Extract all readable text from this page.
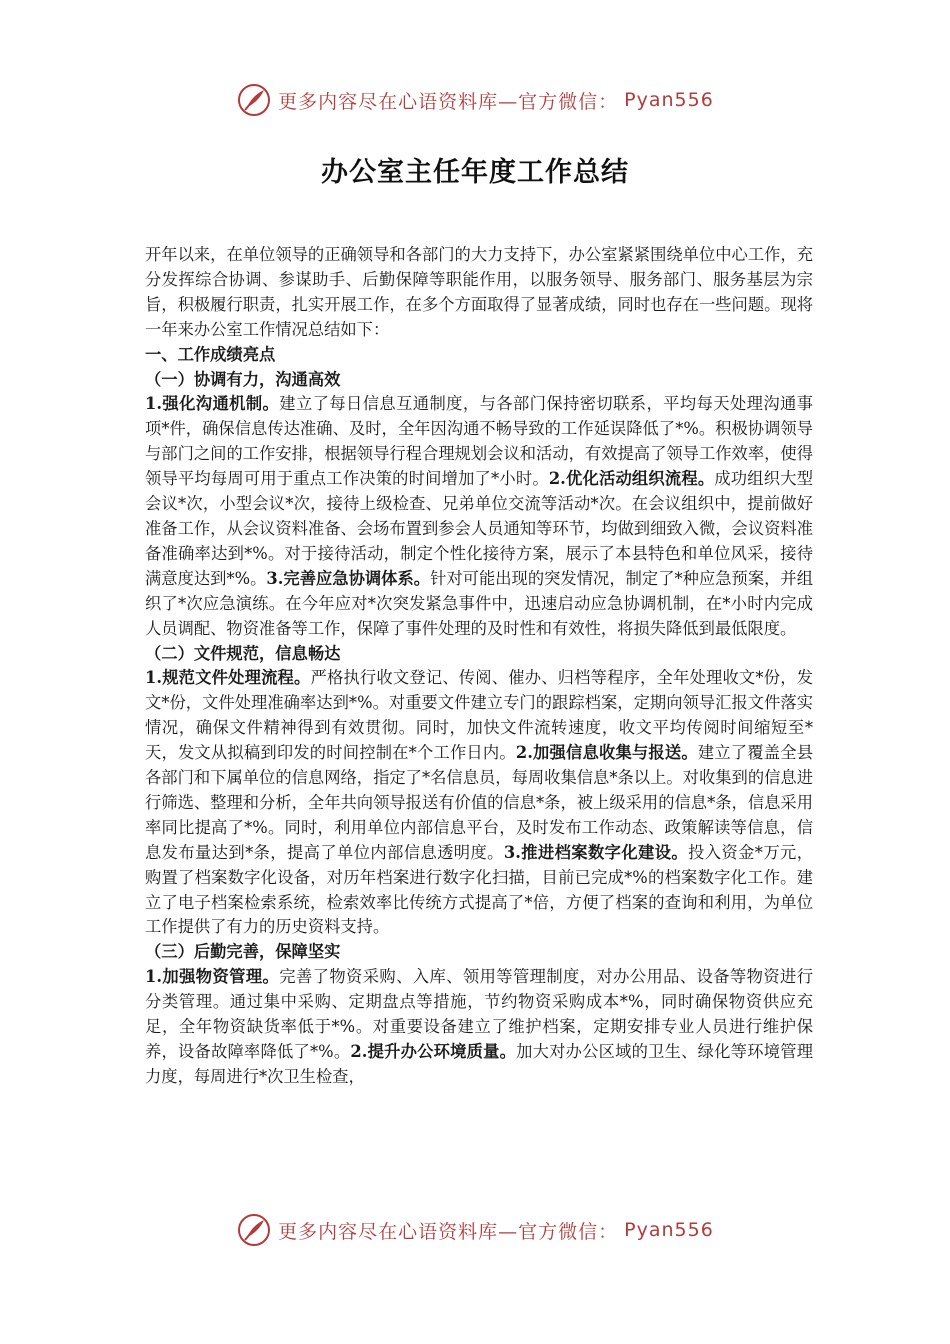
更多内容尽在心语资料库—官方微信： Pyan556
办公室主任年度工作总结

开年以来，在单位领导的正确领导和各部门的大力支持下，办公室紧紧围绕单位中心工作，充分发挥综合协调、参谋助手、后勤保障等职能作用，以服务领导、服务部门、服务基层为宗旨，积极履行职责，扎实开展工作，在多个方面取得了显著成绩，同时也存在一些问题。现将一年来办公室工作情况总结如下：

一、工作成绩亮点

（一）协调有力，沟通高效

1.强化沟通机制。建立了每日信息互通制度，与各部门保持密切联系，平均每天处理沟通事项*件，确保信息传达准确、及时，全年因沟通不畅导致的工作延误降低了*%。积极协调领导与部门之间的工作安排，根据领导行程合理规划会议和活动，有效提高了领导工作效率，使得领导平均每周可用于重点工作决策的时间增加了*小时。2.优化活动组织流程。成功组织大型会议*次，小型会议*次，接待上级检查、兄弟单位交流等活动*次。在会议组织中，提前做好准备工作，从会议资料准备、会场布置到参会人员通知等环节，均做到细致入微，会议资料准备准确率达到*%。对于接待活动，制定个性化接待方案，展示了本县特色和单位风采，接待满意度达到*%。3.完善应急协调体系。针对可能出现的突发情况，制定了*种应急预案，并组织了*次应急演练。在今年应对*次突发紧急事件中，迅速启动应急协调机制，在*小时内完成人员调配、物资准备等工作，保障了事件处理的及时性和有效性，将损失降低到最低限度。

（二）文件规范，信息畅达

1.规范文件处理流程。严格执行收文登记、传阅、催办、归档等程序，全年处理收文*份，发文*份，文件处理准确率达到*%。对重要文件建立专门的跟踪档案，定期向领导汇报文件落实情况，确保文件精神得到有效贯彻。同时，加快文件流转速度，收文平均传阅时间缩短至*天，发文从拟稿到印发的时间控制在*个工作日内。2.加强信息收集与报送。建立了覆盖全县各部门和下属单位的信息网络，指定了*名信息员，每周收集信息*条以上。对收集到的信息进行筛选、整理和分析，全年共向领导报送有价值的信息*条，被上级采用的信息*条，信息采用率同比提高了*%。同时，利用单位内部信息平台，及时发布工作动态、政策解读等信息，信息发布量达到*条，提高了单位内部信息透明度。3.推进档案数字化建设。投入资金*万元，购置了档案数字化设备，对历年档案进行数字化扫描，目前已完成*%的档案数字化工作。建立了电子档案检索系统，检索效率比传统方式提高了*倍，方便了档案的查询和利用，为单位工作提供了有力的历史资料支持。

（三）后勤完善，保障坚实

1.加强物资管理。完善了物资采购、入库、领用等管理制度，对办公用品、设备等物资进行分类管理。通过集中采购、定期盘点等措施，节约物资采购成本*%，同时确保物资供应充足，全年物资缺货率低于*%。对重要设备建立了维护档案，定期安排专业人员进行维护保养，设备故障率降低了*%。2.提升办公环境质量。加大对办公区域的卫生、绿化等环境管理力度，每周进行*次卫生检查，

更多内容尽在心语资料库—官方微信： Pyan556
